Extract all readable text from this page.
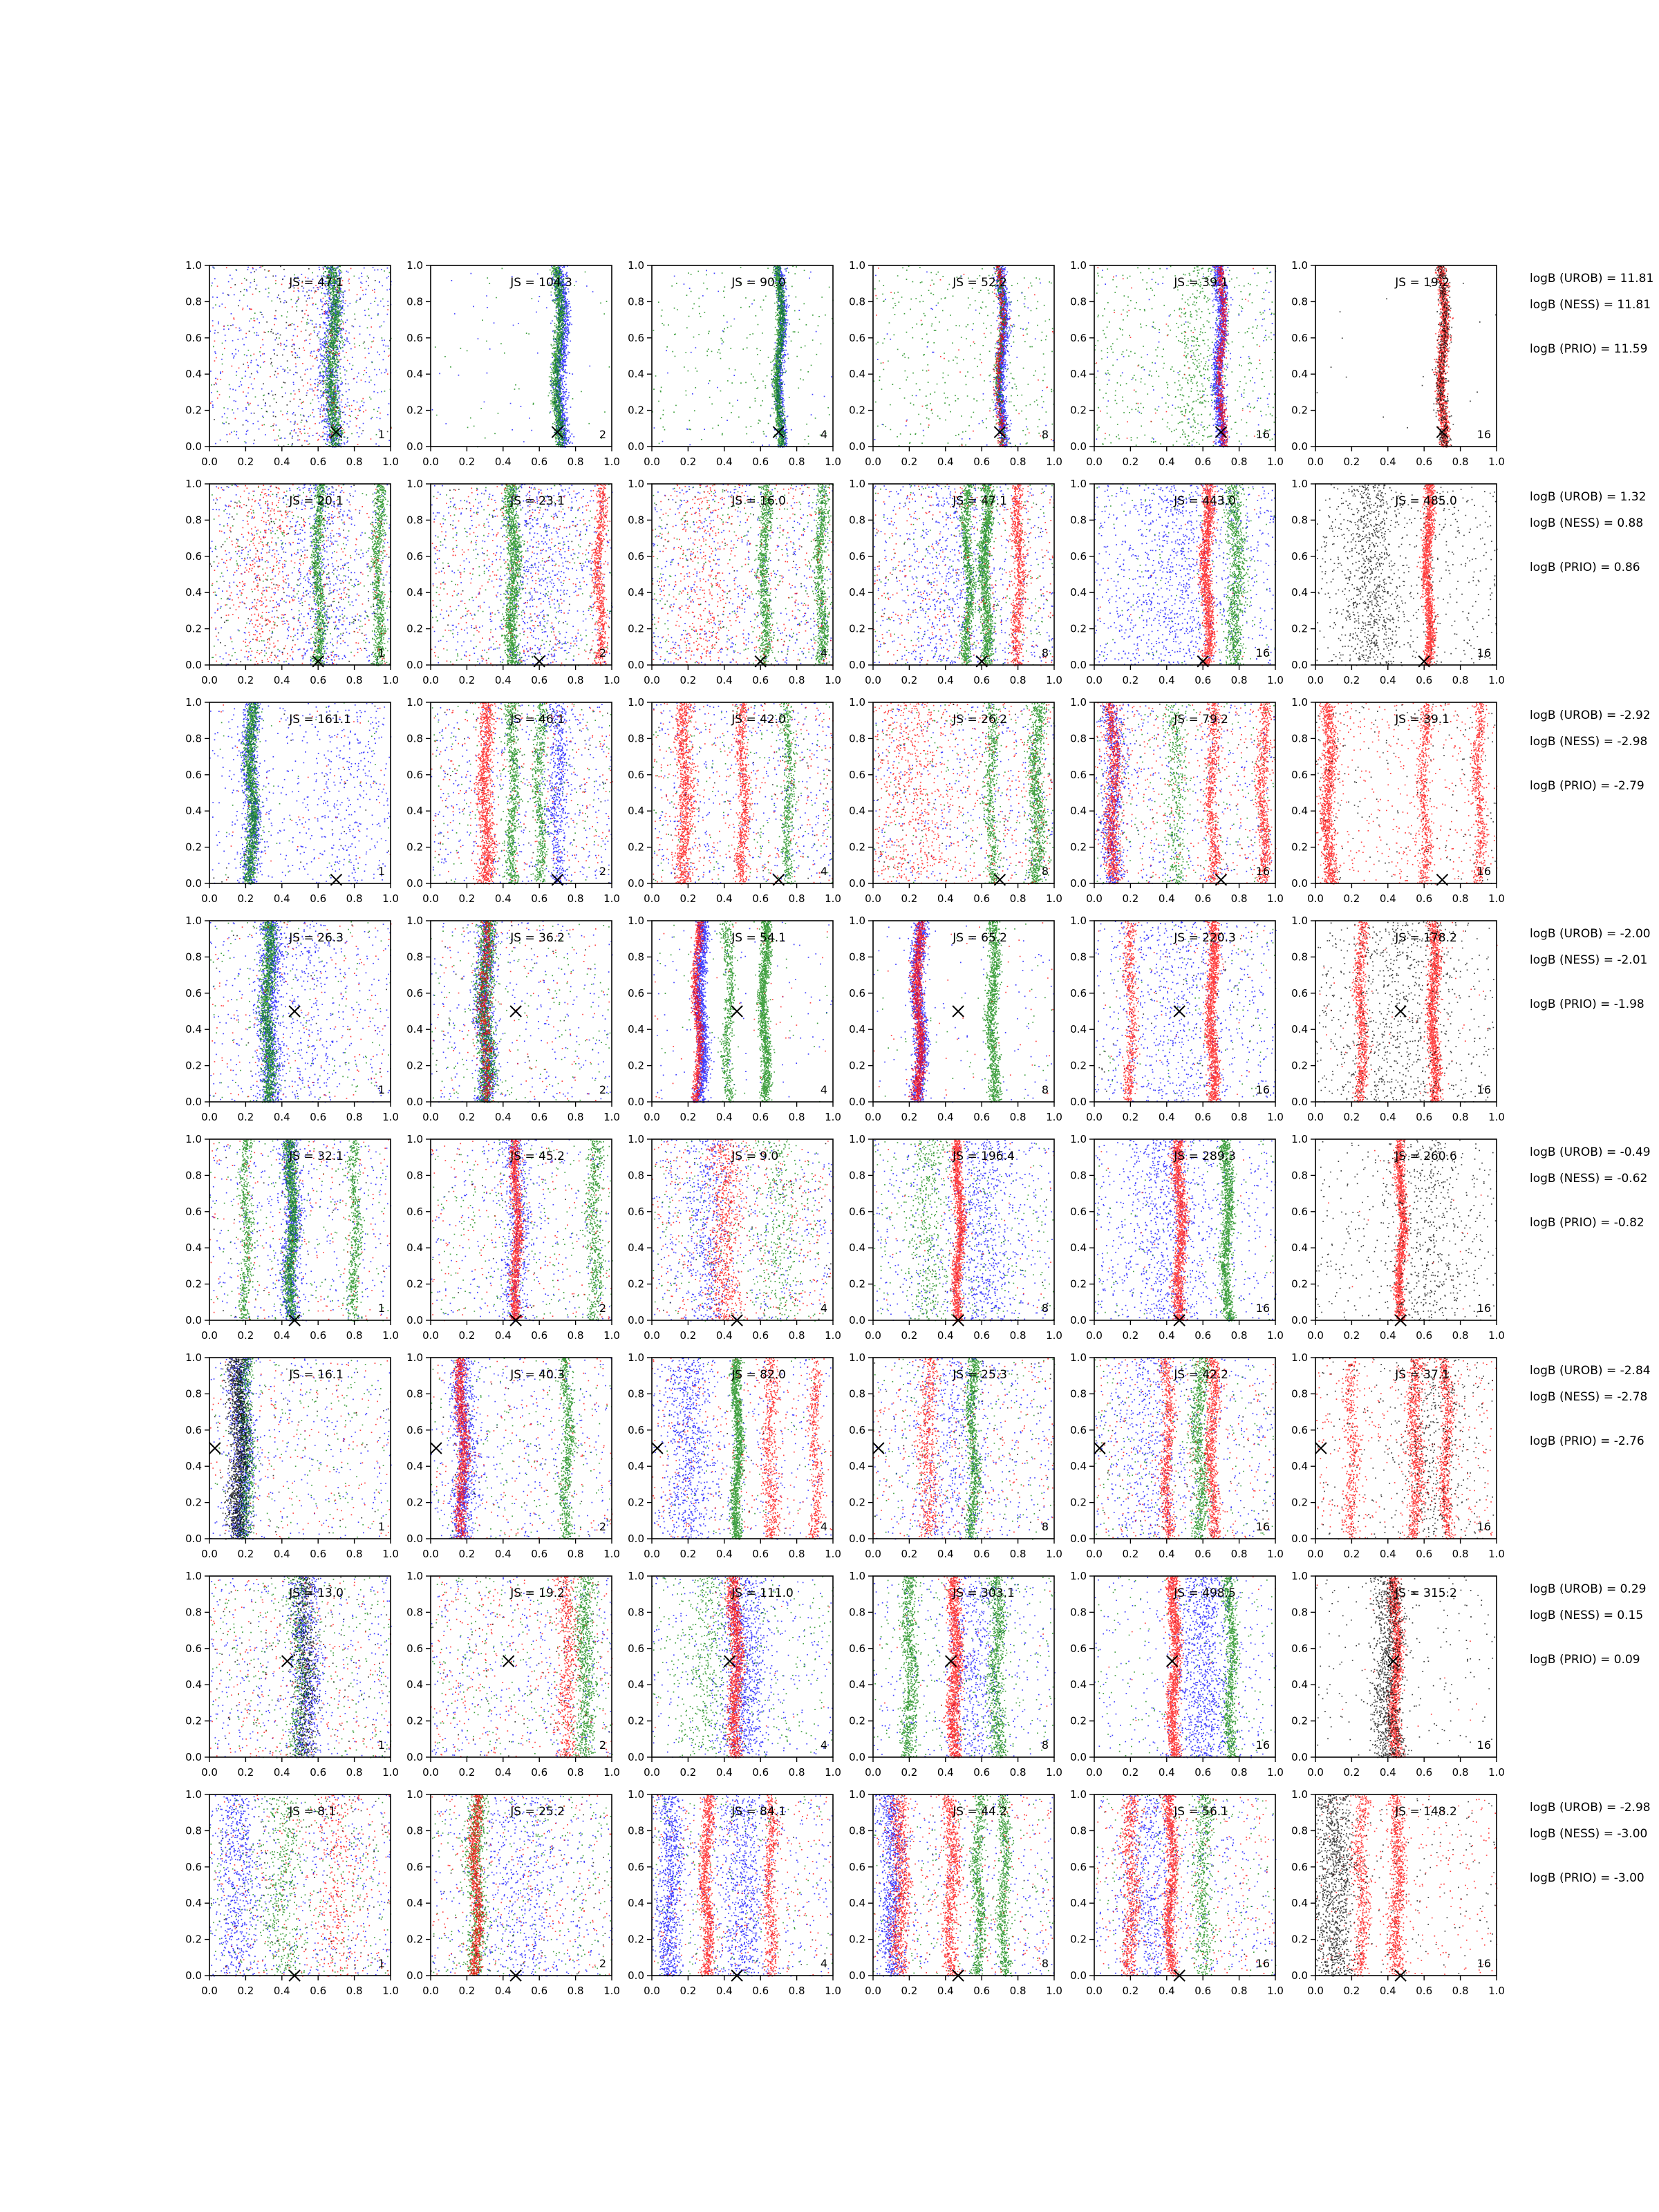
0.0
0.0
0.2
0.2
0.4
0.4
0.6
0.6
0.8
0.8
1.0
1.0
JS = 47.1
1
0.0
0.0
0.2
0.2
0.4
0.4
0.6
0.6
0.8
0.8
1.0
1.0
JS = 104.3
2
0.0
0.0
0.2
0.2
0.4
0.4
0.6
0.6
0.8
0.8
1.0
1.0
JS = 90.0
4
0.0
0.0
0.2
0.2
0.4
0.4
0.6
0.6
0.8
0.8
1.0
1.0
JS = 52.2
8
0.0
0.0
0.2
0.2
0.4
0.4
0.6
0.6
0.8
0.8
1.0
1.0
JS = 39.1
16
0.0
0.0
0.2
0.2
0.4
0.4
0.6
0.6
0.8
0.8
1.0
1.0
JS = 19.2
16
0.0
0.0
0.2
0.2
0.4
0.4
0.6
0.6
0.8
0.8
1.0
1.0
JS = 20.1
1
0.0
0.0
0.2
0.2
0.4
0.4
0.6
0.6
0.8
0.8
1.0
1.0
JS = 23.1
2
0.0
0.0
0.2
0.2
0.4
0.4
0.6
0.6
0.8
0.8
1.0
1.0
JS = 16.0
4
0.0
0.0
0.2
0.2
0.4
0.4
0.6
0.6
0.8
0.8
1.0
1.0
JS = 47.1
8
0.0
0.0
0.2
0.2
0.4
0.4
0.6
0.6
0.8
0.8
1.0
1.0
JS = 443.0
16
0.0
0.0
0.2
0.2
0.4
0.4
0.6
0.6
0.8
0.8
1.0
1.0
JS = 485.0
16
0.0
0.0
0.2
0.2
0.4
0.4
0.6
0.6
0.8
0.8
1.0
1.0
JS = 161.1
1
0.0
0.0
0.2
0.2
0.4
0.4
0.6
0.6
0.8
0.8
1.0
1.0
JS = 46.1
2
0.0
0.0
0.2
0.2
0.4
0.4
0.6
0.6
0.8
0.8
1.0
1.0
JS = 42.0
4
0.0
0.0
0.2
0.2
0.4
0.4
0.6
0.6
0.8
0.8
1.0
1.0
JS = 26.2
8
0.0
0.0
0.2
0.2
0.4
0.4
0.6
0.6
0.8
0.8
1.0
1.0
JS = 79.2
16
0.0
0.0
0.2
0.2
0.4
0.4
0.6
0.6
0.8
0.8
1.0
1.0
JS = 39.1
16
0.0
0.0
0.2
0.2
0.4
0.4
0.6
0.6
0.8
0.8
1.0
1.0
JS = 26.3
1
0.0
0.0
0.2
0.2
0.4
0.4
0.6
0.6
0.8
0.8
1.0
1.0
JS = 36.2
2
0.0
0.0
0.2
0.2
0.4
0.4
0.6
0.6
0.8
0.8
1.0
1.0
JS = 54.1
4
0.0
0.0
0.2
0.2
0.4
0.4
0.6
0.6
0.8
0.8
1.0
1.0
JS = 65.2
8
0.0
0.0
0.2
0.2
0.4
0.4
0.6
0.6
0.8
0.8
1.0
1.0
JS = 220.3
16
0.0
0.0
0.2
0.2
0.4
0.4
0.6
0.6
0.8
0.8
1.0
1.0
JS = 178.2
16
0.0
0.0
0.2
0.2
0.4
0.4
0.6
0.6
0.8
0.8
1.0
1.0
JS = 32.1
1
0.0
0.0
0.2
0.2
0.4
0.4
0.6
0.6
0.8
0.8
1.0
1.0
JS = 45.2
2
0.0
0.0
0.2
0.2
0.4
0.4
0.6
0.6
0.8
0.8
1.0
1.0
JS = 9.0
4
0.0
0.0
0.2
0.2
0.4
0.4
0.6
0.6
0.8
0.8
1.0
1.0
JS = 196.4
8
0.0
0.0
0.2
0.2
0.4
0.4
0.6
0.6
0.8
0.8
1.0
1.0
JS = 289.3
16
0.0
0.0
0.2
0.2
0.4
0.4
0.6
0.6
0.8
0.8
1.0
1.0
JS = 260.6
16
0.0
0.0
0.2
0.2
0.4
0.4
0.6
0.6
0.8
0.8
1.0
1.0
JS = 16.1
1
0.0
0.0
0.2
0.2
0.4
0.4
0.6
0.6
0.8
0.8
1.0
1.0
JS = 40.3
2
0.0
0.0
0.2
0.2
0.4
0.4
0.6
0.6
0.8
0.8
1.0
1.0
JS = 82.0
4
0.0
0.0
0.2
0.2
0.4
0.4
0.6
0.6
0.8
0.8
1.0
1.0
JS = 25.3
8
0.0
0.0
0.2
0.2
0.4
0.4
0.6
0.6
0.8
0.8
1.0
1.0
JS = 42.2
16
0.0
0.0
0.2
0.2
0.4
0.4
0.6
0.6
0.8
0.8
1.0
1.0
JS = 37.1
16
0.0
0.0
0.2
0.2
0.4
0.4
0.6
0.6
0.8
0.8
1.0
1.0
JS = 13.0
1
0.0
0.0
0.2
0.2
0.4
0.4
0.6
0.6
0.8
0.8
1.0
1.0
JS = 19.2
2
0.0
0.0
0.2
0.2
0.4
0.4
0.6
0.6
0.8
0.8
1.0
1.0
JS = 111.0
4
0.0
0.0
0.2
0.2
0.4
0.4
0.6
0.6
0.8
0.8
1.0
1.0
JS = 303.1
8
0.0
0.0
0.2
0.2
0.4
0.4
0.6
0.6
0.8
0.8
1.0
1.0
JS = 498.5
16
0.0
0.0
0.2
0.2
0.4
0.4
0.6
0.6
0.8
0.8
1.0
1.0
JS = 315.2
16
0.0
0.0
0.2
0.2
0.4
0.4
0.6
0.6
0.8
0.8
1.0
1.0
JS = 8.1
1
0.0
0.0
0.2
0.2
0.4
0.4
0.6
0.6
0.8
0.8
1.0
1.0
JS = 25.2
2
0.0
0.0
0.2
0.2
0.4
0.4
0.6
0.6
0.8
0.8
1.0
1.0
JS = 84.1
4
0.0
0.0
0.2
0.2
0.4
0.4
0.6
0.6
0.8
0.8
1.0
1.0
JS = 44.2
8
0.0
0.0
0.2
0.2
0.4
0.4
0.6
0.6
0.8
0.8
1.0
1.0
JS = 56.1
16
0.0
0.0
0.2
0.2
0.4
0.4
0.6
0.6
0.8
0.8
1.0
1.0
JS = 148.2
16
logB (UROB) = 11.81
logB (NESS) = 11.81
logB (PRIO) = 11.59
logB (UROB) = 1.32
logB (NESS) = 0.88
logB (PRIO) = 0.86
logB (UROB) = -2.92
logB (NESS) = -2.98
logB (PRIO) = -2.79
logB (UROB) = -2.00
logB (NESS) = -2.01
logB (PRIO) = -1.98
logB (UROB) = -0.49
logB (NESS) = -0.62
logB (PRIO) = -0.82
logB (UROB) = -2.84
logB (NESS) = -2.78
logB (PRIO) = -2.76
logB (UROB) = 0.29
logB (NESS) = 0.15
logB (PRIO) = 0.09
logB (UROB) = -2.98
logB (NESS) = -3.00
logB (PRIO) = -3.00
